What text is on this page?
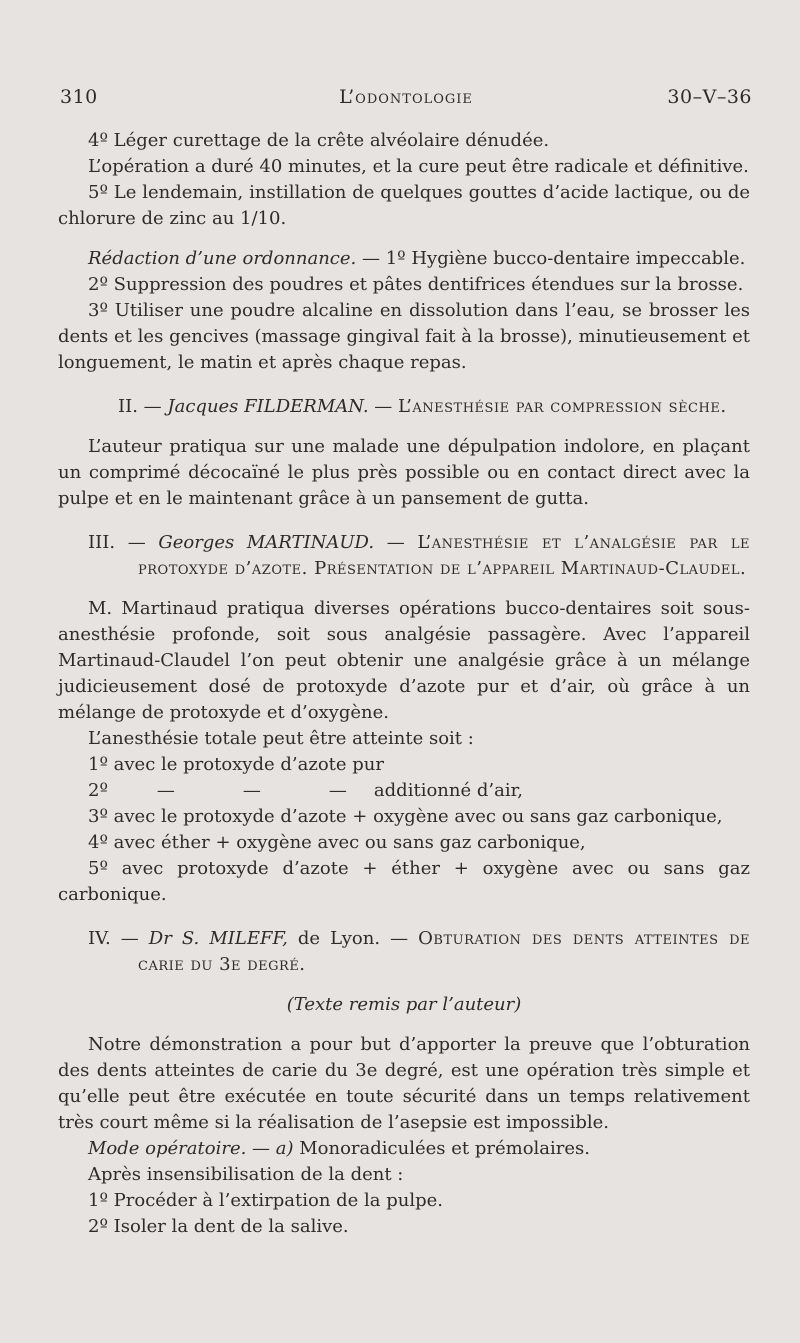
310	L’odontologie	30–V–36

4º Léger curettage de la crête alvéolaire dénudée.

L’opération a duré 40 minutes, et la cure peut être radicale et définitive.

5º Le lendemain, instillation de quelques gouttes d’acide lactique, ou de chlorure de zinc au 1/10.

Rédaction d’une ordonnance. — 1º Hygiène bucco-dentaire impeccable.

2º Suppression des poudres et pâtes dentifrices étendues sur la brosse.

3º Utiliser une poudre alcaline en dissolution dans l’eau, se brosser les dents et les gencives (massage gingival fait à la brosse), minutieusement et longuement, le matin et après chaque repas.

II. — Jacques FILDERMAN. — L’anesthésie par compression sèche.

L’auteur pratiqua sur une malade une dépulpation indolore, en plaçant un comprimé décocaïné le plus près possible ou en contact direct avec la pulpe et en le maintenant grâce à un pansement de gutta.

III. — Georges MARTINAUD. — L’anesthésie et l’analgésie par le protoxyde d’azote. Présentation de l’appareil Martinaud-Claudel.

M. Martinaud pratiqua diverses opérations bucco-dentaires soit sous-anesthésie profonde, soit sous analgésie passagère. Avec l’appareil Martinaud-Claudel l’on peut obtenir une analgésie grâce à un mélange judicieusement dosé de protoxyde d’azote pur et d’air, où grâce à un mélange de protoxyde et d’oxygène.

L’anesthésie totale peut être atteinte soit :

1º avec le protoxyde d’azote pur

2º	—	—	— additionné d’air,

3º avec le protoxyde d’azote + oxygène avec ou sans gaz carbonique,

4º avec éther + oxygène avec ou sans gaz carbonique,

5º avec protoxyde d’azote + éther + oxygène avec ou sans gaz carbonique.

IV. — Dr S. MILEFF, de Lyon. — Obturation des dents atteintes de carie du 3e degré.

(Texte remis par l’auteur)

Notre démonstration a pour but d’apporter la preuve que l’obturation des dents atteintes de carie du 3e degré, est une opération très simple et qu’elle peut être exécutée en toute sécurité dans un temps relativement très court même si la réalisation de l’asepsie est impossible.

Mode opératoire. — a) Monoradiculées et prémolaires.

Après insensibilisation de la dent :

1º Procéder à l’extirpation de la pulpe.

2º Isoler la dent de la salive.
